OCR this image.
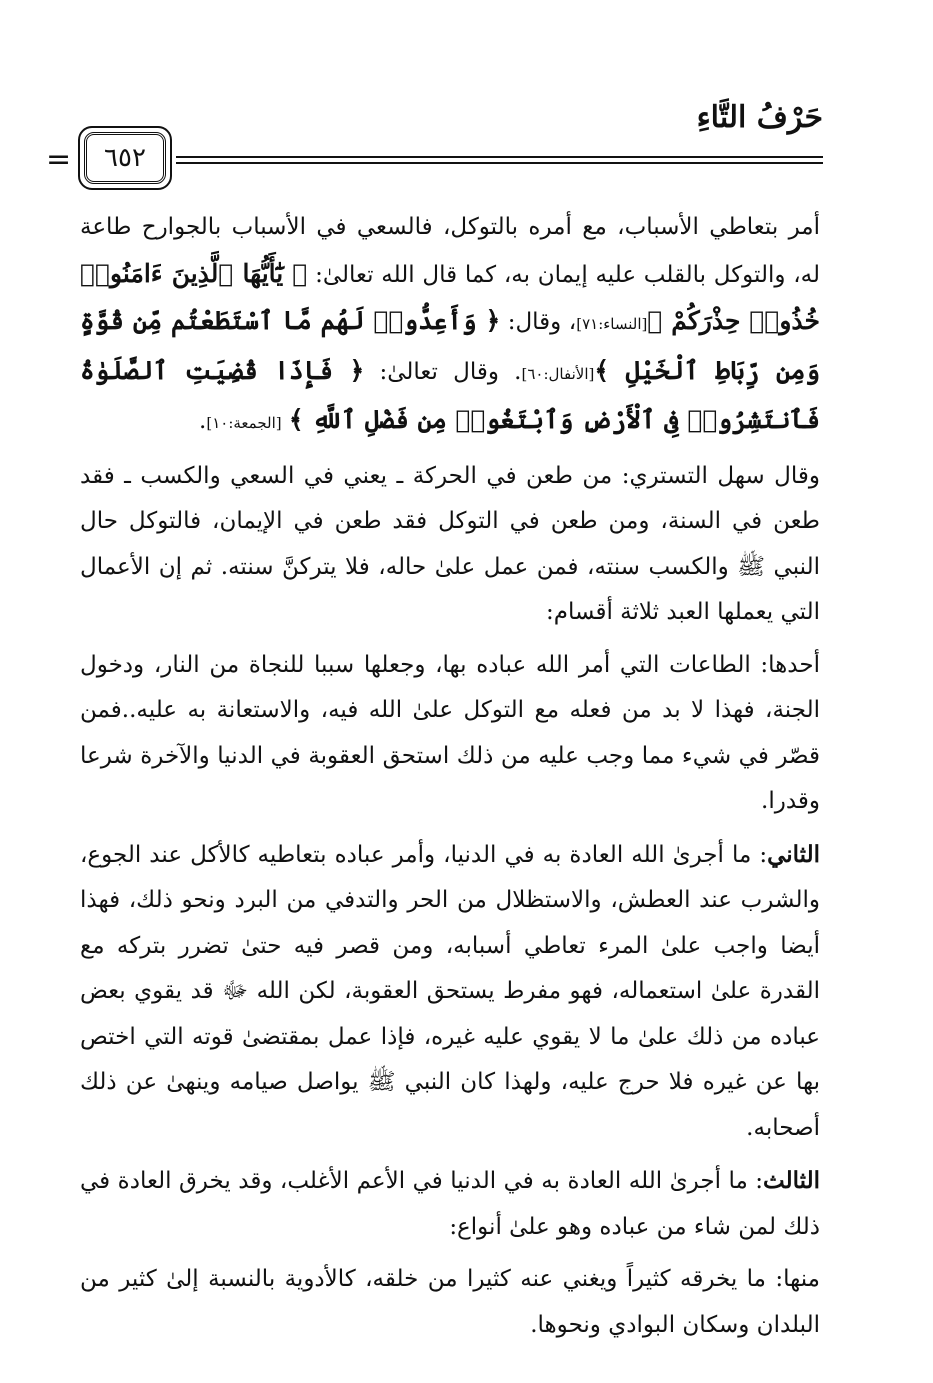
حَرْفُ التَّاءِ
٦٥٢
=

أمر بتعاطي الأسباب، مع أمره بالتوكل، فالسعي في الأسباب بالجوارح طاعة له، والتوكل بالقلب عليه إيمان به، كما قال الله تعالىٰ: ﴿ يَٰٓأَيُّهَا ٱلَّذِينَ ءَامَنُوا۟ خُذُوا۟ حِذْرَكُمْ ﴾[النساء:٧١]، وقال: ﴿ وَأَعِدُّوا۟ لَهُم مَّا ٱسْتَطَعْتُم مِّن قُوَّةٍ وَمِن رِّبَاطِ ٱلْخَيْلِ ﴾[الأنفال:٦٠]. وقال تعالىٰ: ﴿ فَإِذَا قُضِيَتِ ٱلصَّلَوٰةُ فَٱنتَشِرُوا۟ فِى ٱلْأَرْضِ وَٱبْتَغُوا۟ مِن فَضْلِ ٱللَّهِ ﴾ [الجمعة:١٠].

وقال سهل التستري: من طعن في الحركة ـ يعني في السعي والكسب ـ فقد طعن في السنة، ومن طعن في التوكل فقد طعن في الإيمان، فالتوكل حال النبي ﷺ والكسب سنته، فمن عمل علىٰ حاله، فلا يتركنَّ سنته. ثم إن الأعمال التي يعملها العبد ثلاثة أقسام:

أحدها: الطاعات التي أمر الله عباده بها، وجعلها سببا للنجاة من النار، ودخول الجنة، فهذا لا بد من فعله مع التوكل علىٰ الله فيه، والاستعانة به عليه..فمن قصّر في شيء مما وجب عليه من ذلك استحق العقوبة في الدنيا والآخرة شرعا وقدرا.

الثاني: ما أجرىٰ الله العادة به في الدنيا، وأمر عباده بتعاطيه كالأكل عند الجوع، والشرب عند العطش، والاستظلال من الحر والتدفي من البرد ونحو ذلك، فهذا أيضا واجب علىٰ المرء تعاطي أسبابه، ومن قصر فيه حتىٰ تضرر بتركه مع القدرة علىٰ استعماله، فهو مفرط يستحق العقوبة، لكن الله ﷻ قد يقوي بعض عباده من ذلك علىٰ ما لا يقوي عليه غيره، فإذا عمل بمقتضىٰ قوته التي اختص بها عن غيره فلا حرج عليه، ولهذا كان النبي ﷺ يواصل صيامه وينهىٰ عن ذلك أصحابه.

الثالث: ما أجرىٰ الله العادة به في الدنيا في الأعم الأغلب، وقد يخرق العادة في ذلك لمن شاء من عباده وهو علىٰ أنواع:

منها: ما يخرقه كثيراً ويغني عنه كثيرا من خلقه، كالأدوية بالنسبة إلىٰ كثير من البلدان وسكان البوادي ونحوها.
